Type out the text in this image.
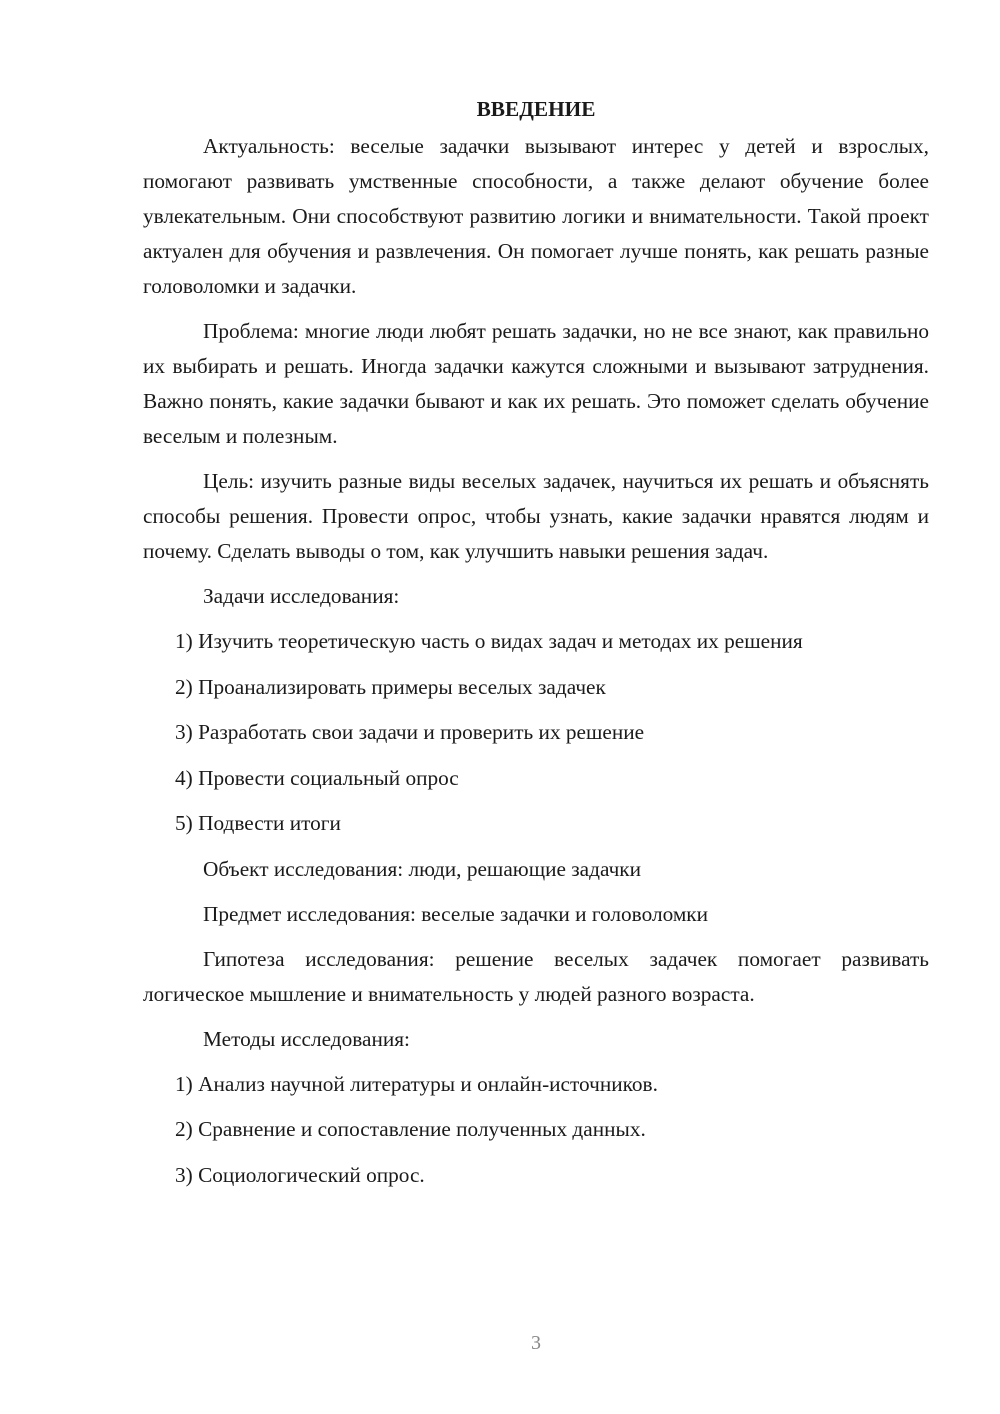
ВВЕДЕНИЕ

Актуальность: веселые задачки вызывают интерес у детей и взрослых, помогают развивать умственные способности, а также делают обучение более увлекательным. Они способствуют развитию логики и внимательности. Такой проект актуален для обучения и развлечения. Он помогает лучше понять, как решать разные головоломки и задачки.

Проблема: многие люди любят решать задачки, но не все знают, как правильно их выбирать и решать. Иногда задачки кажутся сложными и вызывают затруднения. Важно понять, какие задачки бывают и как их решать. Это поможет сделать обучение веселым и полезным.

Цель: изучить разные виды веселых задачек, научиться их решать и объяснять способы решения. Провести опрос, чтобы узнать, какие задачки нравятся людям и почему. Сделать выводы о том, как улучшить навыки решения задач.

Задачи исследования:
1) Изучить теоретическую часть о видах задач и методах их решения
2) Проанализировать примеры веселых задачек
3) Разработать свои задачи и проверить их решение
4) Провести социальный опрос
5) Подвести итоги
Объект исследования: люди, решающие задачки
Предмет исследования: веселые задачки и головоломки

Гипотеза исследования: решение веселых задачек помогает развивать логическое мышление и внимательность у людей разного возраста.

Методы исследования:
1) Анализ научной литературы и онлайн-источников.
2) Сравнение и сопоставление полученных данных.
3) Социологический опрос.
3
